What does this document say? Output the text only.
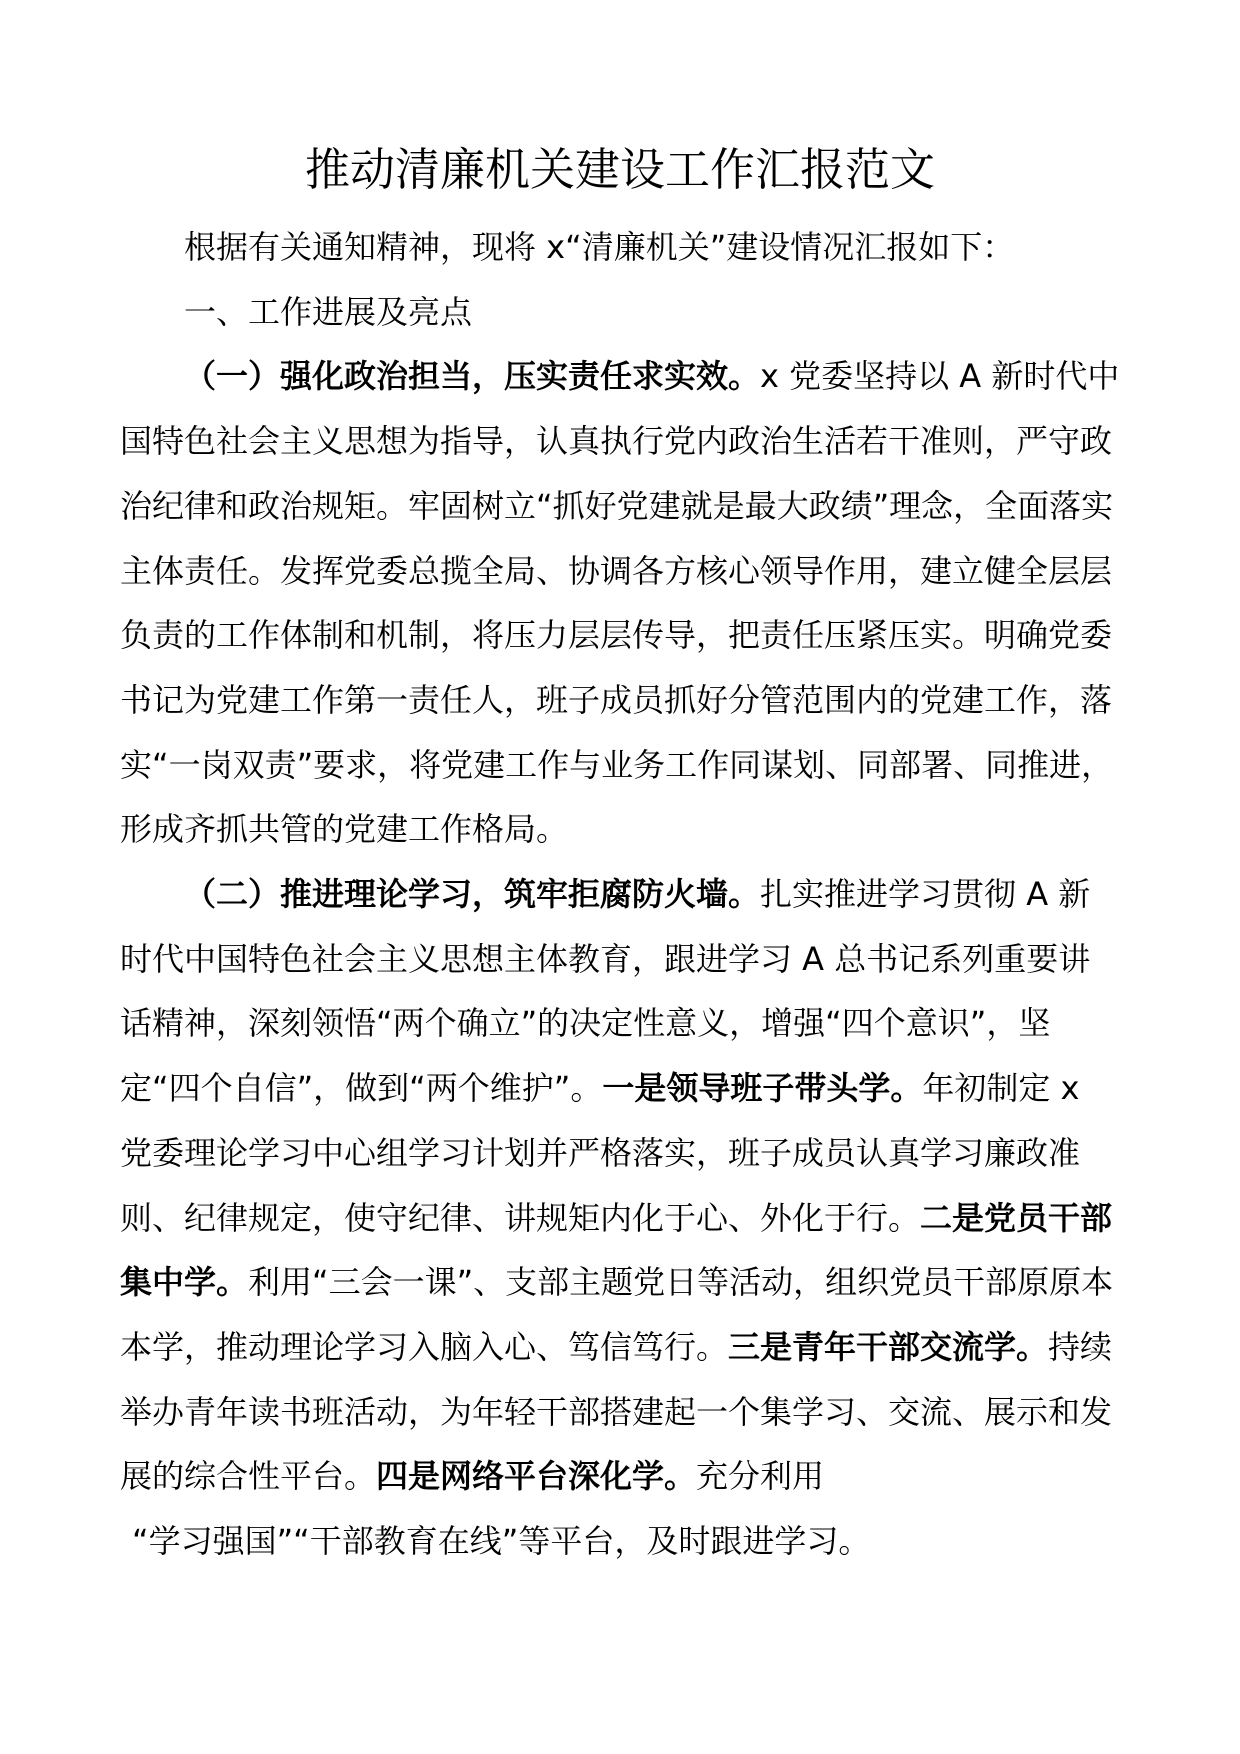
推动清廉机关建设工作汇报范文

根据有关通知精神，现将 x“清廉机关”建设情况汇报如下：

一、工作进展及亮点

（一）强化政治担当，压实责任求实效。x 党委坚持以 A 新时代中国特色社会主义思想为指导，认真执行党内政治生活若干准则，严守政治纪律和政治规矩。牢固树立“抓好党建就是最大政绩”理念，全面落实主体责任。发挥党委总揽全局、协调各方核心领导作用，建立健全层层负责的工作体制和机制，将压力层层传导，把责任压紧压实。明确党委书记为党建工作第一责任人，班子成员抓好分管范围内的党建工作，落实“一岗双责”要求，将党建工作与业务工作同谋划、同部署、同推进，形成齐抓共管的党建工作格局。

（二）推进理论学习，筑牢拒腐防火墙。扎实推进学习贯彻 A 新时代中国特色社会主义思想主体教育，跟进学习 A 总书记系列重要讲话精神，深刻领悟“两个确立”的决定性意义，增强“四个意识”，坚定“四个自信”，做到“两个维护”。一是领导班子带头学。年初制定 x 党委理论学习中心组学习计划并严格落实，班子成员认真学习廉政准则、纪律规定，使守纪律、讲规矩内化于心、外化于行。二是党员干部集中学。利用“三会一课”、支部主题党日等活动，组织党员干部原原本本学，推动理论学习入脑入心、笃信笃行。三是青年干部交流学。持续举办青年读书班活动，为年轻干部搭建起一个集学习、交流、展示和发展的综合性平台。四是网络平台深化学。充分利用
“学习强国”“干部教育在线”等平台，及时跟进学习。
